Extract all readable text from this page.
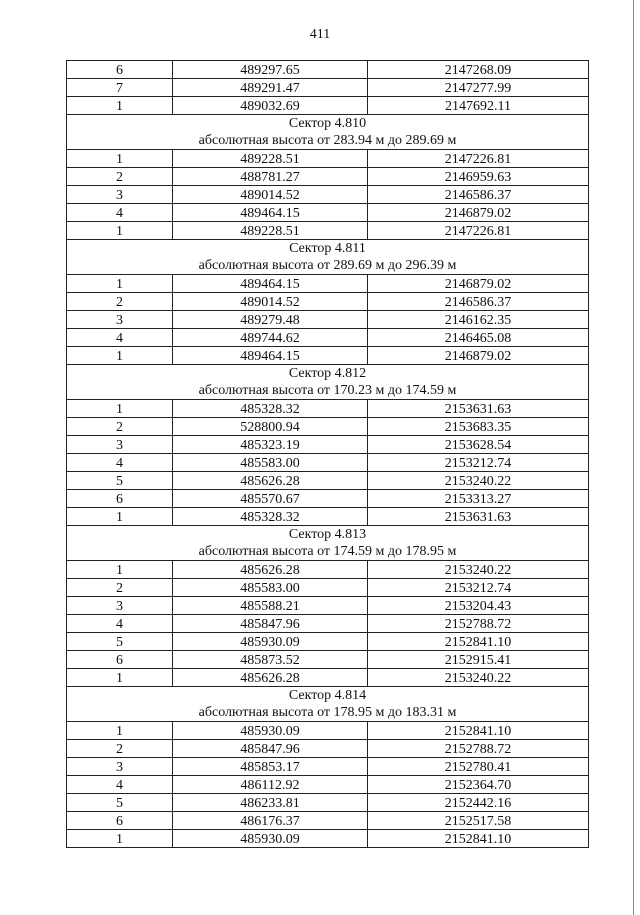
411
6	489297.65	2147268.09
7	489291.47	2147277.99
1	489032.69	2147692.11

Сектор 4.810
абсолютная высота от 283.94 м до 289.69 м		

1	489228.51	2147226.81
2	488781.27	2146959.63
3	489014.52	2146586.37
4	489464.15	2146879.02
1	489228.51	2147226.81

Сектор 4.811
абсолютная высота от 289.69 м до 296.39 м		

1	489464.15	2146879.02
2	489014.52	2146586.37
3	489279.48	2146162.35
4	489744.62	2146465.08
1	489464.15	2146879.02

Сектор 4.812
абсолютная высота от 170.23 м до 174.59 м		

1	485328.32	2153631.63
2	528800.94	2153683.35
3	485323.19	2153628.54
4	485583.00	2153212.74
5	485626.28	2153240.22
6	485570.67	2153313.27
1	485328.32	2153631.63

Сектор 4.813
абсолютная высота от 174.59 м до 178.95 м		

1	485626.28	2153240.22
2	485583.00	2153212.74
3	485588.21	2153204.43
4	485847.96	2152788.72
5	485930.09	2152841.10
6	485873.52	2152915.41
1	485626.28	2153240.22

Сектор 4.814
абсолютная высота от 178.95 м до 183.31 м		

1	485930.09	2152841.10
2	485847.96	2152788.72
3	485853.17	2152780.41
4	486112.92	2152364.70
5	486233.81	2152442.16
6	486176.37	2152517.58
1	485930.09	2152841.10
